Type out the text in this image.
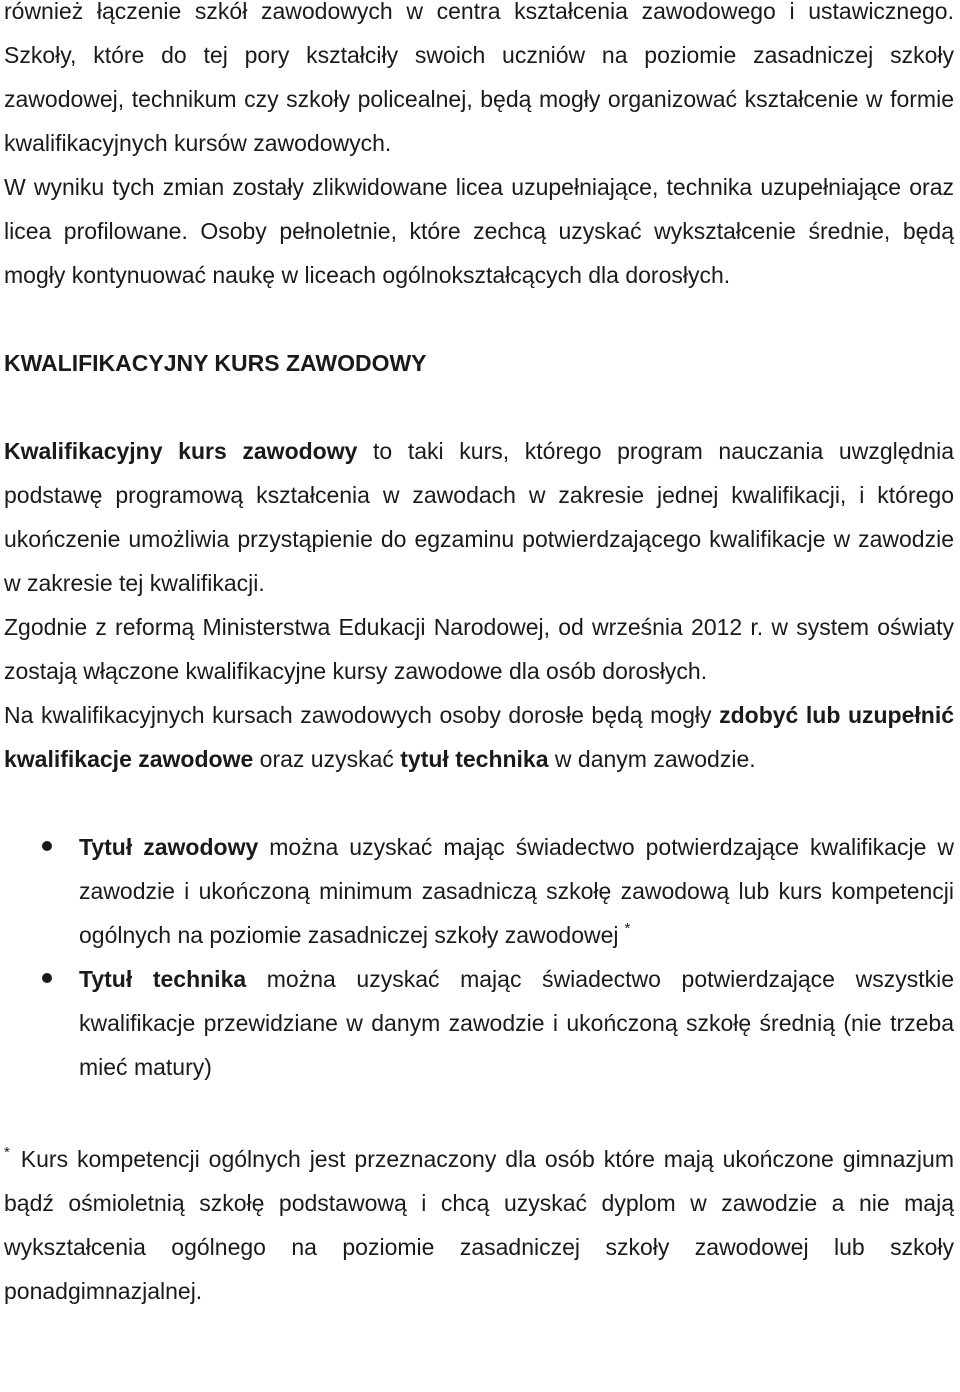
również łączenie szkół zawodowych w centra kształcenia zawodowego i ustawicznego. Szkoły, które do tej pory kształciły swoich uczniów na poziomie zasadniczej szkoły zawodowej, technikum czy szkoły policealnej, będą mogły organizować kształcenie w formie kwalifikacyjnych kursów zawodowych.

W wyniku tych zmian zostały zlikwidowane licea uzupełniające, technika uzupełniające oraz licea profilowane. Osoby pełnoletnie, które zechcą uzyskać wykształcenie średnie, będą mogły kontynuować naukę w liceach ogólnokształcących dla dorosłych.

KWALIFIKACYJNY KURS ZAWODOWY

Kwalifikacyjny kurs zawodowy to taki kurs, którego program nauczania uwzględnia podstawę programową kształcenia w zawodach w zakresie jednej kwalifikacji, i którego ukończenie umożliwia przystąpienie do egzaminu potwierdzającego kwalifikacje w zawodzie w zakresie tej kwalifikacji.

Zgodnie z reformą Ministerstwa Edukacji Narodowej, od września 2012 r. w system oświaty zostają włączone kwalifikacyjne kursy zawodowe dla osób dorosłych.

Na kwalifikacyjnych kursach zawodowych osoby dorosłe będą mogły zdobyć lub uzupełnić kwalifikacje zawodowe oraz uzyskać tytuł technika w danym zawodzie.

Tytuł zawodowy można uzyskać mając świadectwo potwierdzające kwalifikacje w zawodzie i ukończoną minimum zasadniczą szkołę zawodową lub kurs kompetencji ogólnych na poziomie zasadniczej szkoły zawodowej *
Tytuł technika można uzyskać mając świadectwo potwierdzające wszystkie kwalifikacje przewidziane w danym zawodzie i ukończoną szkołę średnią (nie trzeba mieć matury)

* Kurs kompetencji ogólnych jest przeznaczony dla osób które mają ukończone gimnazjum bądź ośmioletnią szkołę podstawową i chcą uzyskać dyplom w zawodzie a nie mają wykształcenia ogólnego na poziomie zasadniczej szkoły zawodowej lub szkoły ponadgimnazjalnej.
